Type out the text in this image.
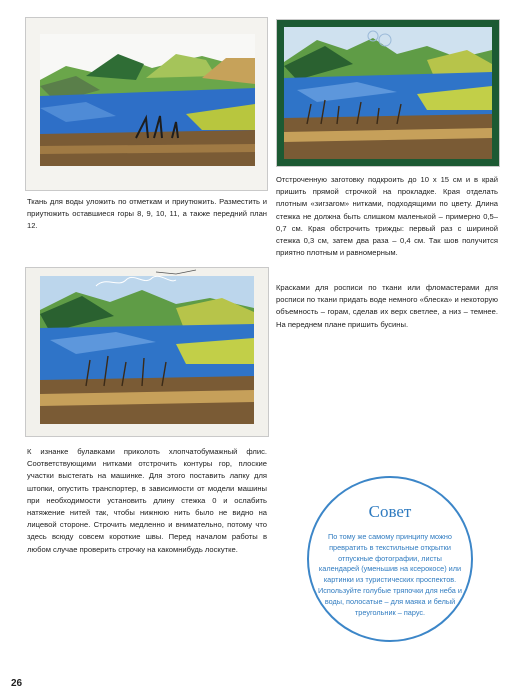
Ткань для воды уложить по отметкам и приутюжить. Разместить и приутюжить оставшиеся горы 8, 9, 10, 11, а также передний план 12.

Отстроченную заготовку подкроить до 10 х 15 см и в край пришить прямой строчкой на прокладке. Края отделать плотным «зигзагом» нитками, подходящими по цвету. Длина стежка не должна быть слишком маленькой – примерно 0,5–0,7 см. Края обстрочить трижды: первый раз с шириной стежка 0,3 см, затем два раза – 0,4 см. Так шов получится приятно плотным и равномерным.

Красками для росписи по ткани или фломастерами для росписи по ткани придать воде немного «блеска» и некоторую объемность – горам, сделав их верх светлее, а низ – темнее. На переднем плане пришить бусины.

К изнанке булавками приколоть хлопчатобумажный флис. Соответствующими нитками отстрочить контуры гор, плоские участки выстегать на машинке. Для этого поставить лапку для штопки, опустить транспортер, в зависимости от модели машины при необходимости установить длину стежка 0 и ослабить натяжение нитей так, чтобы нижнюю нить было не видно на лицевой стороне. Строчить медленно и внимательно, потому что здесь всюду совсем короткие швы. Перед началом работы в любом случае проверить строчку на какомнибудь лоскутке.

Совет
По тому же самому принципу можно превратить в текстильные открытки отпускные фотографии, листы календарей (уменьшив на ксерокосе) или картинки из туристических проспектов. Используйте голубые тряпочки для неба и воды, полосатые – для маяка и белый треугольник – парус.
26
